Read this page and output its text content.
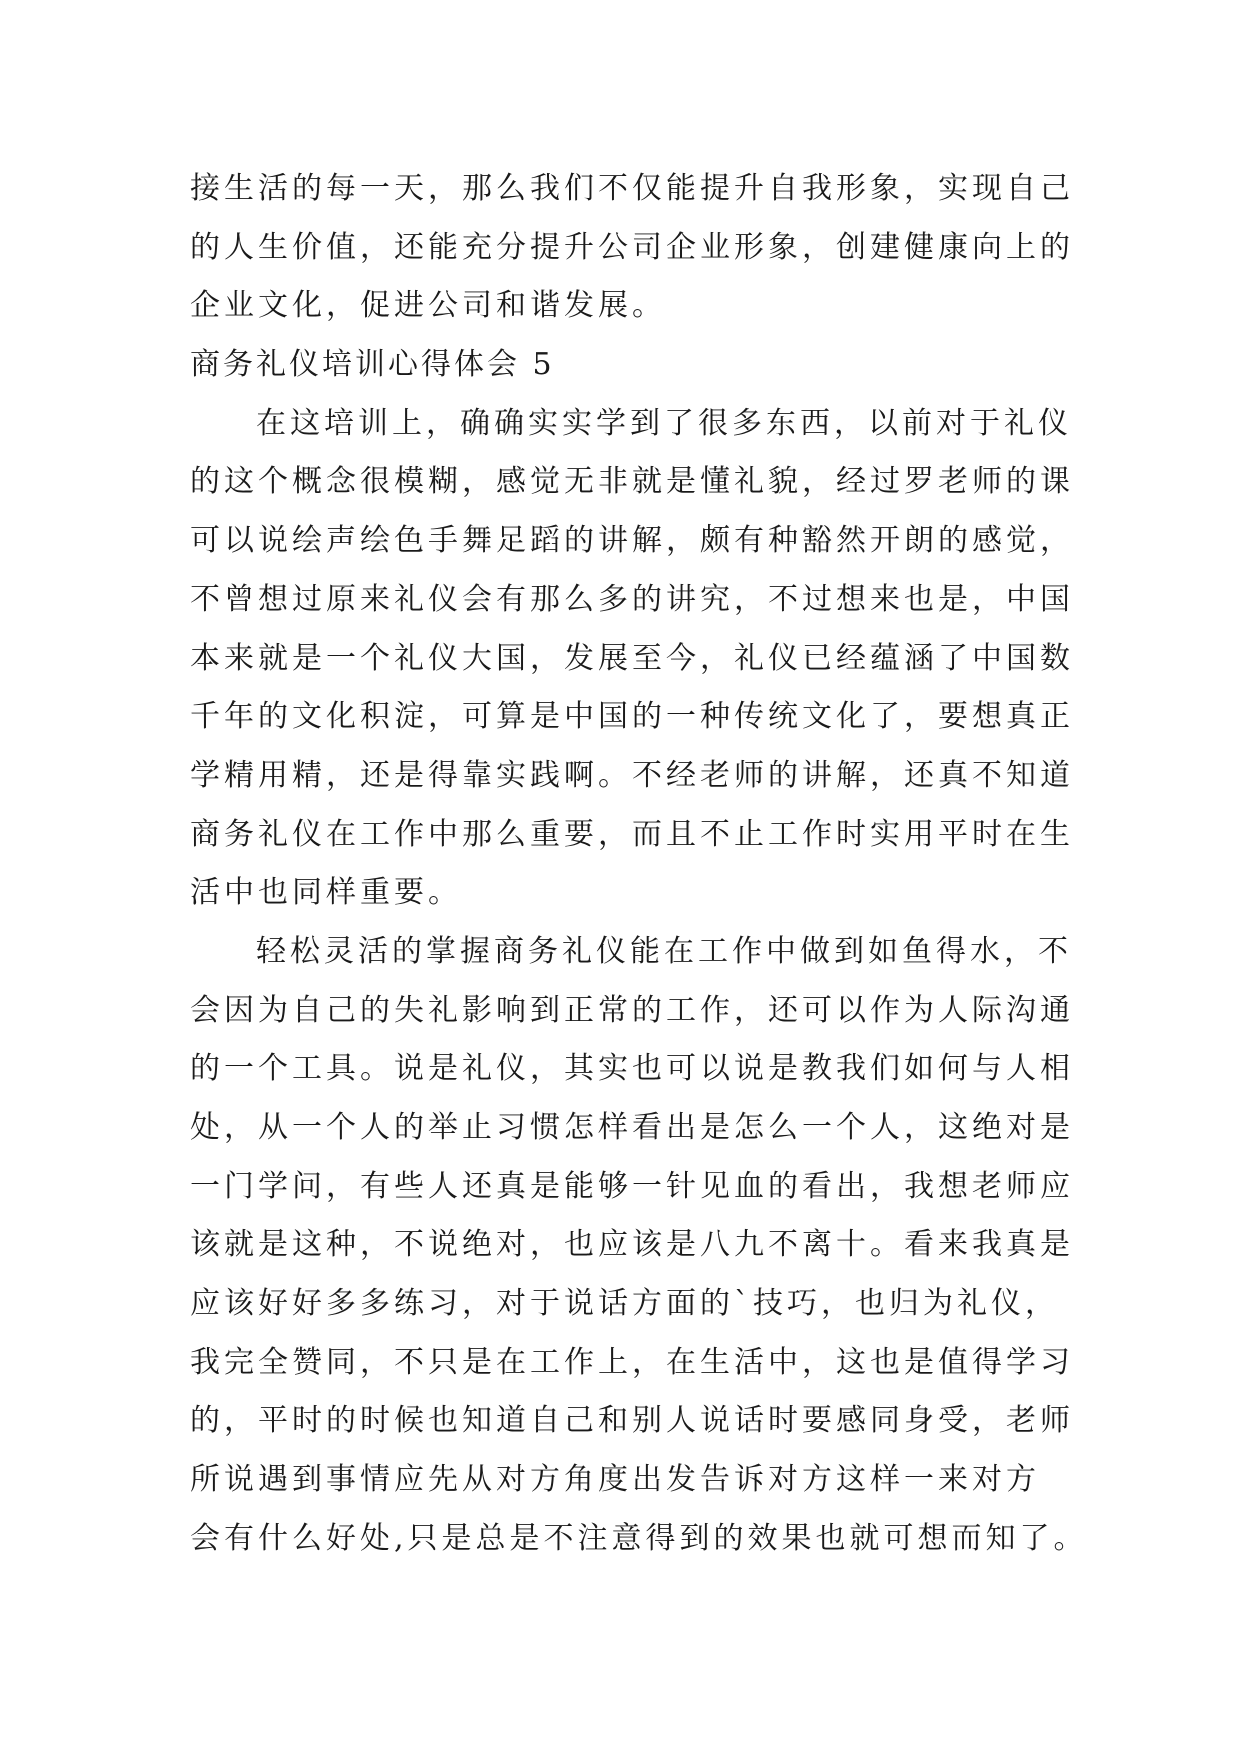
接生活的每一天，那么我们不仅能提升自我形象，实现自己
的人生价值，还能充分提升公司企业形象，创建健康向上的
企业文化，促进公司和谐发展。
商务礼仪培训心得体会 5
在这培训上，确确实实学到了很多东西，以前对于礼仪
的这个概念很模糊，感觉无非就是懂礼貌，经过罗老师的课
可以说绘声绘色手舞足蹈的讲解，颇有种豁然开朗的感觉，
不曾想过原来礼仪会有那么多的讲究，不过想来也是，中国
本来就是一个礼仪大国，发展至今，礼仪已经蕴涵了中国数
千年的文化积淀，可算是中国的一种传统文化了，要想真正
学精用精，还是得靠实践啊。不经老师的讲解，还真不知道
商务礼仪在工作中那么重要，而且不止工作时实用平时在生
活中也同样重要。
轻松灵活的掌握商务礼仪能在工作中做到如鱼得水，不
会因为自己的失礼影响到正常的工作，还可以作为人际沟通
的一个工具。说是礼仪，其实也可以说是教我们如何与人相
处，从一个人的举止习惯怎样看出是怎么一个人，这绝对是
一门学问，有些人还真是能够一针见血的看出，我想老师应
该就是这种，不说绝对，也应该是八九不离十。看来我真是
应该好好多多练习，对于说话方面的`技巧，也归为礼仪，
我完全赞同，不只是在工作上，在生活中，这也是值得学习
的，平时的时候也知道自己和别人说话时要感同身受，老师
所说遇到事情应先从对方角度出发告诉对方这样一来对方
会有什么好处,只是总是不注意得到的效果也就可想而知了。
